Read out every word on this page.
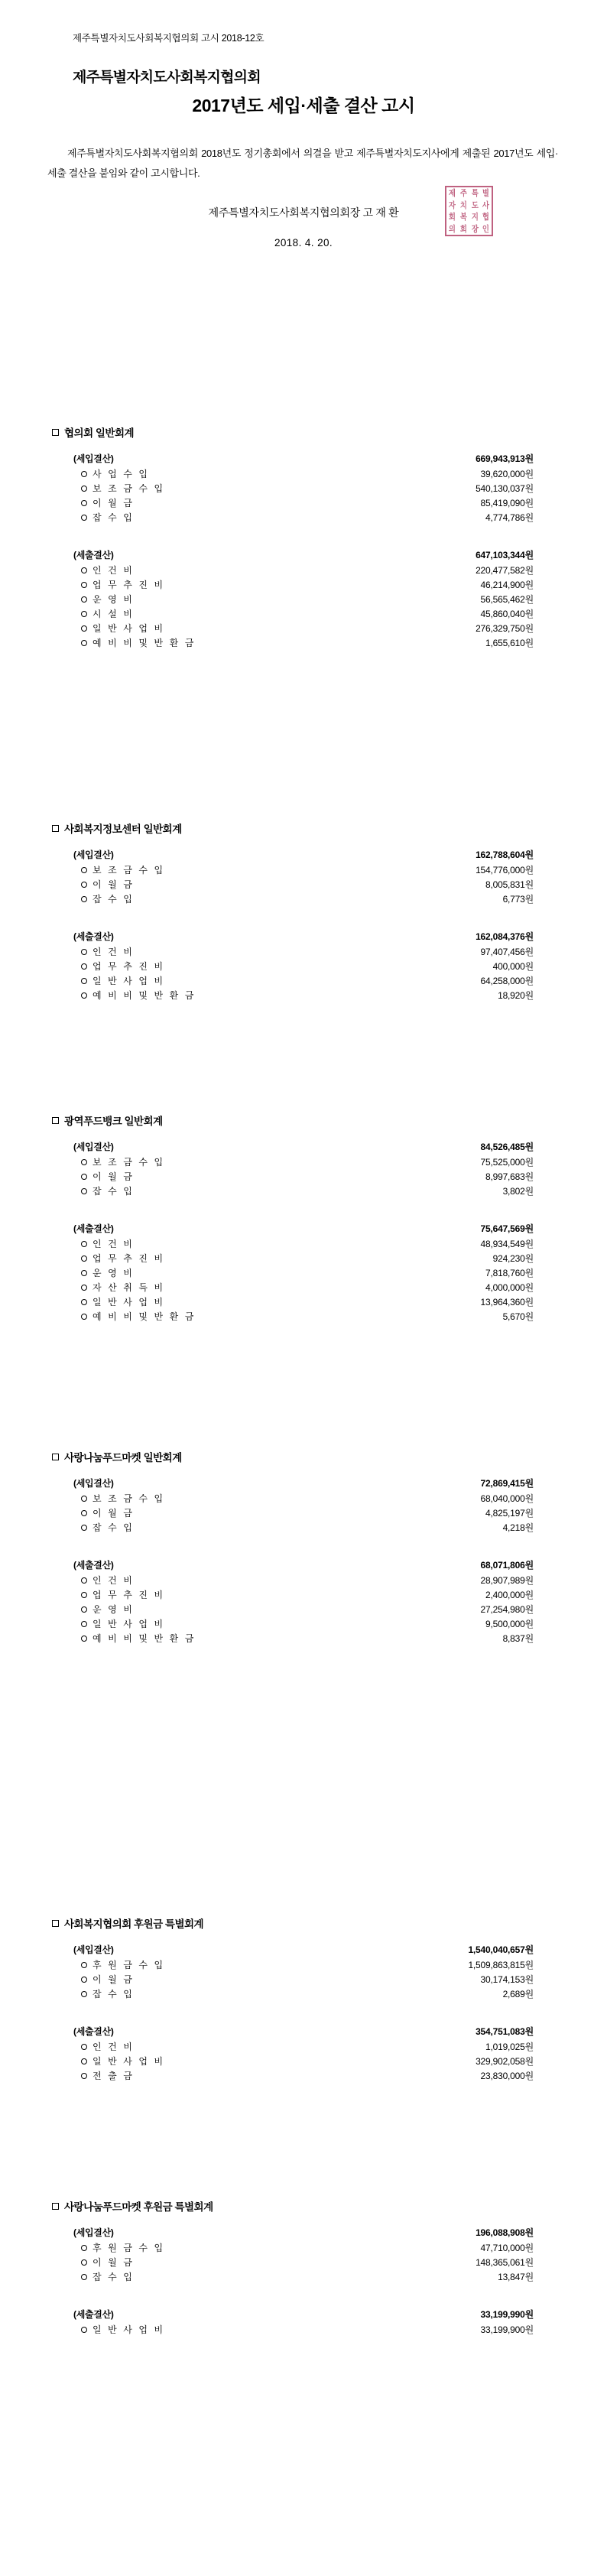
제주특별자치도사회복지협의회 고시 2018-12호
제주특별자치도사회복지협의회
2017년도 세입·세출 결산 고시
제주특별자치도사회복지협의회 2018년도 정기총회에서 의결을 받고 제주특별자치도지사에게 제출된 2017년도 세입·세출 결산을 붙임와 같이 고시합니다.
제주특별자치도사회복지협의회장 고 재 환
제 주 특 별
자 치 도 사
회 복 지 협
의 회 장 인
2018. 4. 20.
협의회 일반회계
(세입결산)	669,943,913원
사 업 수 입	39,620,000원
보 조 금 수 입	540,130,037원
이 월 금	85,419,090원
잡 수 입	4,774,786원
(세출결산)	647,103,344원
인 건 비	220,477,582원
업 무 추 진 비	46,214,900원
운 영 비	56,565,462원
시 설 비	45,860,040원
일 반 사 업 비	276,329,750원
예 비 비 및 반 환 금	1,655,610원
사회복지정보센터 일반회계
(세입결산)	162,788,604원
보 조 금 수 입	154,776,000원
이 월 금	8,005,831원
잡 수 입	6,773원
(세출결산)	162,084,376원
인 건 비	97,407,456원
업 무 추 진 비	400,000원
일 반 사 업 비	64,258,000원
예 비 비 및 반 환 금	18,920원
광역푸드뱅크 일반회계
(세입결산)	84,526,485원
보 조 금 수 입	75,525,000원
이 월 금	8,997,683원
잡 수 입	3,802원
(세출결산)	75,647,569원
인 건 비	48,934,549원
업 무 추 진 비	924,230원
운 영 비	7,818,760원
자 산 취 득 비	4,000,000원
일 반 사 업 비	13,964,360원
예 비 비 및 반 환 금	5,670원
사랑나눔푸드마켓 일반회계
(세입결산)	72,869,415원
보 조 금 수 입	68,040,000원
이 월 금	4,825,197원
잡 수 입	4,218원
(세출결산)	68,071,806원
인 건 비	28,907,989원
업 무 추 진 비	2,400,000원
운 영 비	27,254,980원
일 반 사 업 비	9,500,000원
예 비 비 및 반 환 금	8,837원
사회복지협의회 후원금 특별회계
(세입결산)	1,540,040,657원
후 원 금 수 입	1,509,863,815원
이 월 금	30,174,153원
잡 수 입	2,689원
(세출결산)	354,751,083원
인 건 비	1,019,025원
일 반 사 업 비	329,902,058원
전 출 금	23,830,000원
사랑나눔푸드마켓 후원금 특별회계
(세입결산)	196,088,908원
후 원 금 수 입	47,710,000원
이 월 금	148,365,061원
잡 수 입	13,847원
(세출결산)	33,199,990원
일 반 사 업 비	33,199,900원
